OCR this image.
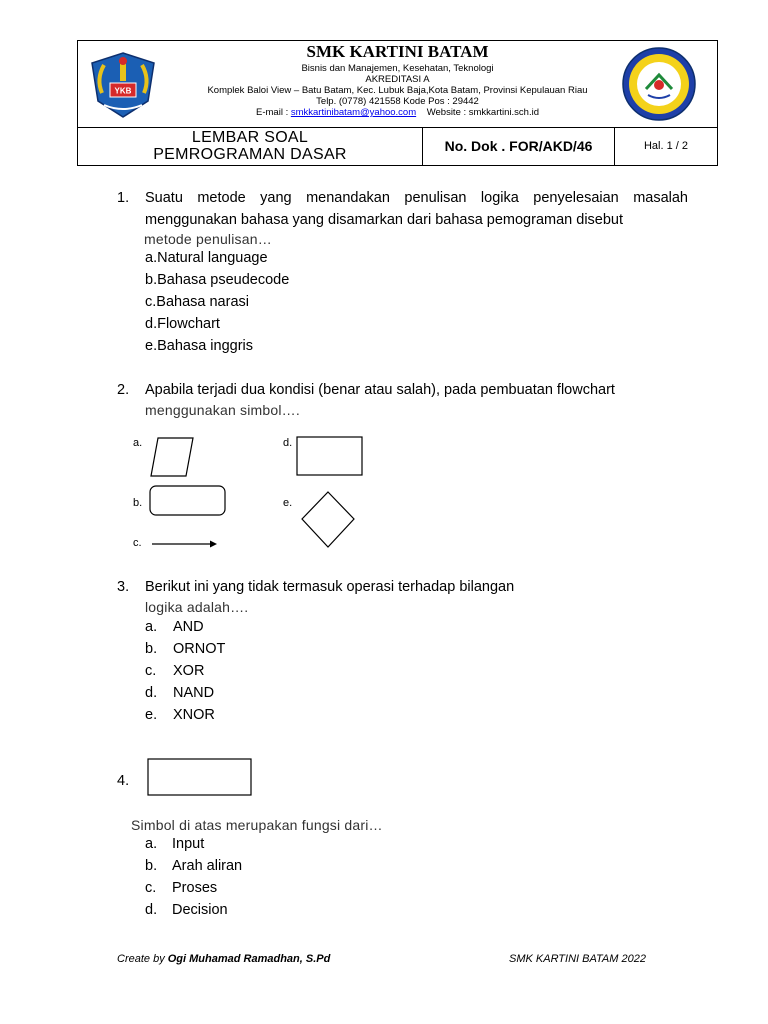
YKB
SMK KARTINI BATAM
Bisnis dan Manajemen, Kesehatan, Teknologi
AKREDITASI A
Komplek Baloi View – Batu Batam, Kec. Lubuk Baja,Kota Batam, Provinsi Kepulauan Riau
Telp. (0778) 421558 Kode Pos : 29442
E-mail : smkkartinibatam@yahoo.com Website : smkkartini.sch.id
LEMBAR SOAL
PEMROGRAMAN DASAR	No. Dok . FOR/AKD/46	Hal. 1 / 2
1. Suatu metode yang menandakan penulisan logika penyelesaian masalah menggunakan bahasa yang disamarkan dari bahasa pemograman disebut
metode penulisan…
a.Natural language
b.Bahasa pseudecode
c.Bahasa narasi
d.Flowchart
e.Bahasa inggris
2. Apabila terjadi dua kondisi (benar atau salah), pada pembuatan flowchart
menggunakan simbol….
a.	d.
b.	e.
c.
3. Berikut ini yang tidak termasuk operasi terhadap bilangan
logika adalah….
a. AND
b. ORNOT
c. XOR
d. NAND
e. XNOR
4.
Simbol di atas merupakan fungsi dari…
a. Input
b. Arah aliran
c. Proses
d. Decision
Create by Ogi Muhamad Ramadhan, S.Pd	SMK KARTINI BATAM 2022
